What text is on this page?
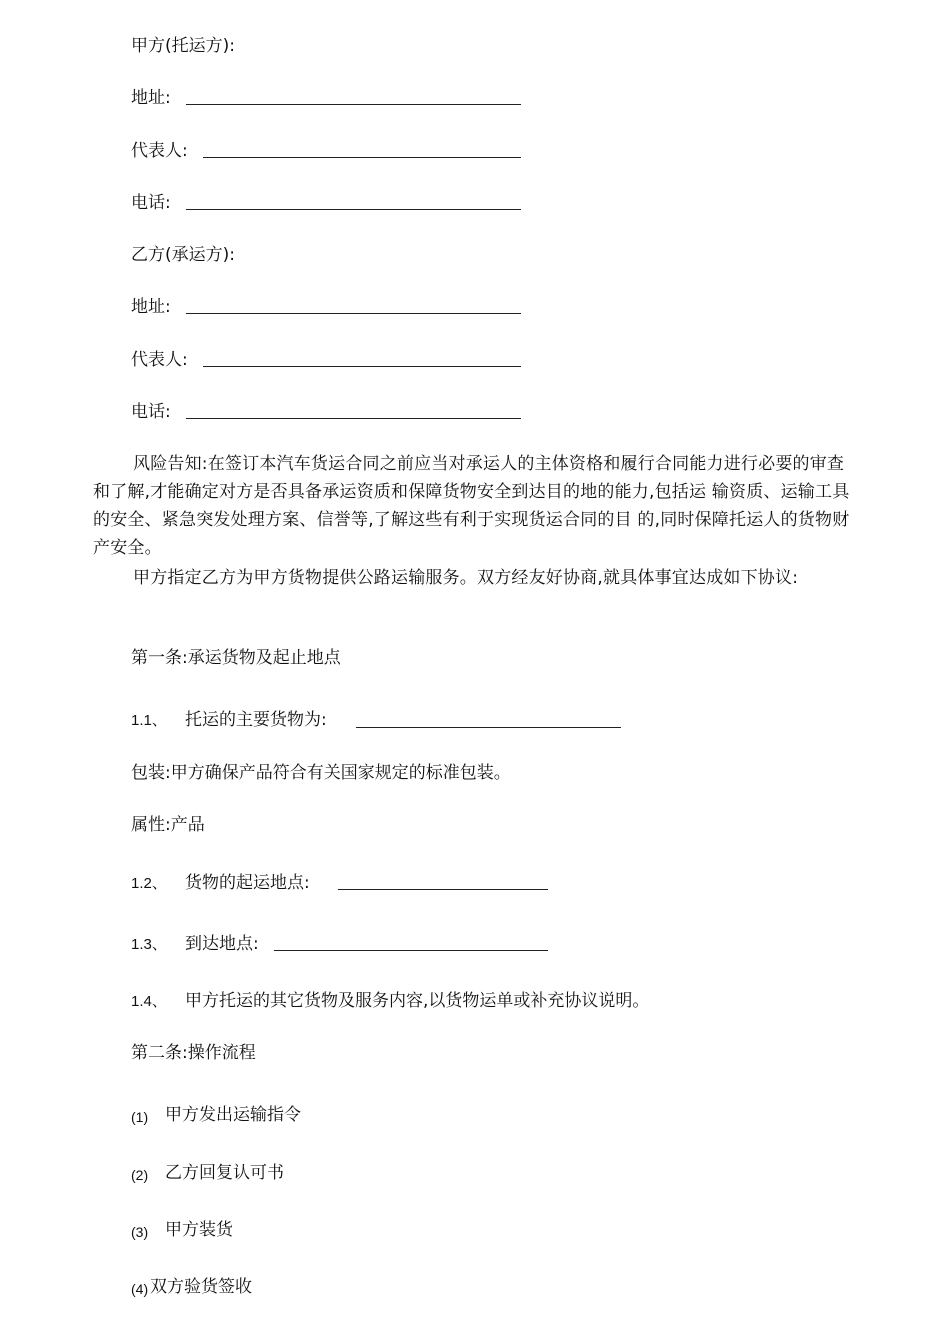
甲方(托运方):
地址:
代表人:
电话:
乙方(承运方):
地址:
代表人:
电话:
风险告知:在签订本汽车货运合同之前应当对承运人的主体资格和履行合同能力进行必要的审查和了解,才能确定对方是否具备承运资质和保障货物安全到达目的地的能力,包括运 输资质、运输工具的安全、紧急突发处理方案、信誉等,了解这些有利于实现货运合同的目 的,同时保障托运人的货物财产安全。
甲方指定乙方为甲方货物提供公路运输服务。双方经友好协商,就具体事宜达成如下协议:
第一条:承运货物及起止地点
1.1、 托运的主要货物为:
包装:甲方确保产品符合有关国家规定的标准包装。
属性:产品
1.2、 货物的起运地点:
1.3、 到达地点:
1.4、 甲方托运的其它货物及服务内容,以货物运单或补充协议说明。
第二条:操作流程
(1) 甲方发出运输指令
(2) 乙方回复认可书
(3) 甲方装货
(4) 双方验货签收
